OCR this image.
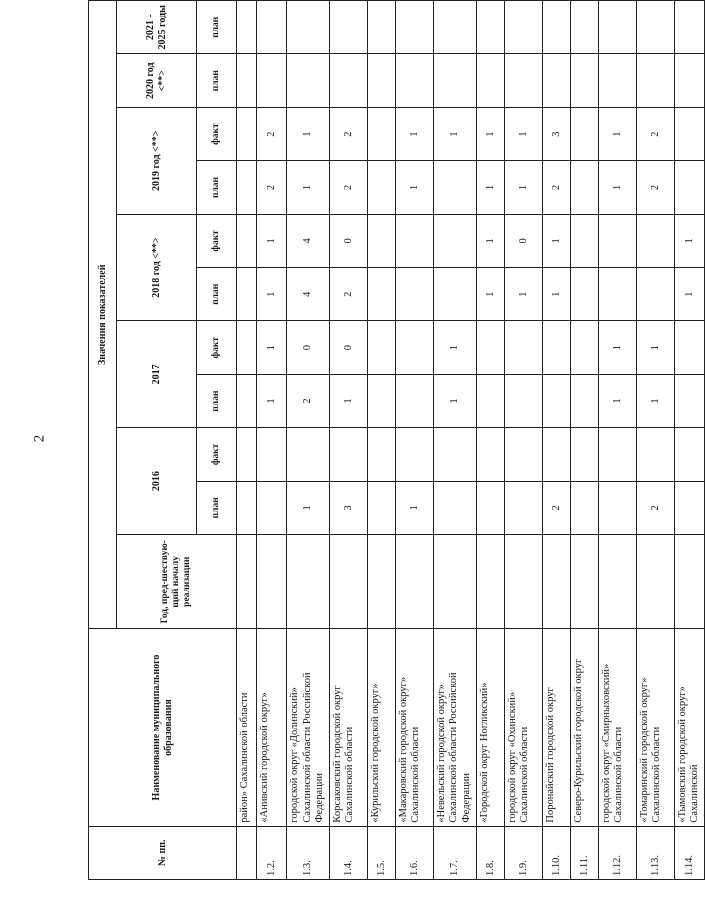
2
№ пп.	Наименование муниципального образования	Значения показателей										
		Год, пред-шествую-щий началу реализации	2016		2017		2018 год <**>		2019 год <**>		2020 год <**>	2021 - 2025 годы
			план	факт	план	факт	план	факт	план	факт	план	план
	район» Сахалинской области											
1.2.	«Анивский городской округ»				1	1	1	1	2	2		
1.3.	городской округ «Долинский» Сахалинской области Российской Федерации		1		2	0	4	4	1	1		
1.4.	Корсаковский городской округ Сахалинской области		3		1	0	2	0	2	2		
1.5.	«Курильский городской округ»											
1.6.	«Макаровский городской округ» Сахалинской области		1						1	1		
1.7.	«Невельский городской округ» Сахалинской области Российской Федерации				1	1				1		
1.8.	«Городской округ Ногликский»						1	1	1	1		
1.9.	городской округ «Охинский» Сахалинской области						1	0	1	1		
1.10.	Поронайский городской округ		2				1	1	2	3		
1.11.	Северо-Курильский городской округ											
1.12.	городской округ «Смирныховский» Сахалинской области				1	1			1	1		
1.13.	«Томаринский городской округ» Сахалинской области		2		1	1			2	2		
1.14.	«Тымовский городской округ» Сахалинской						1	1				
